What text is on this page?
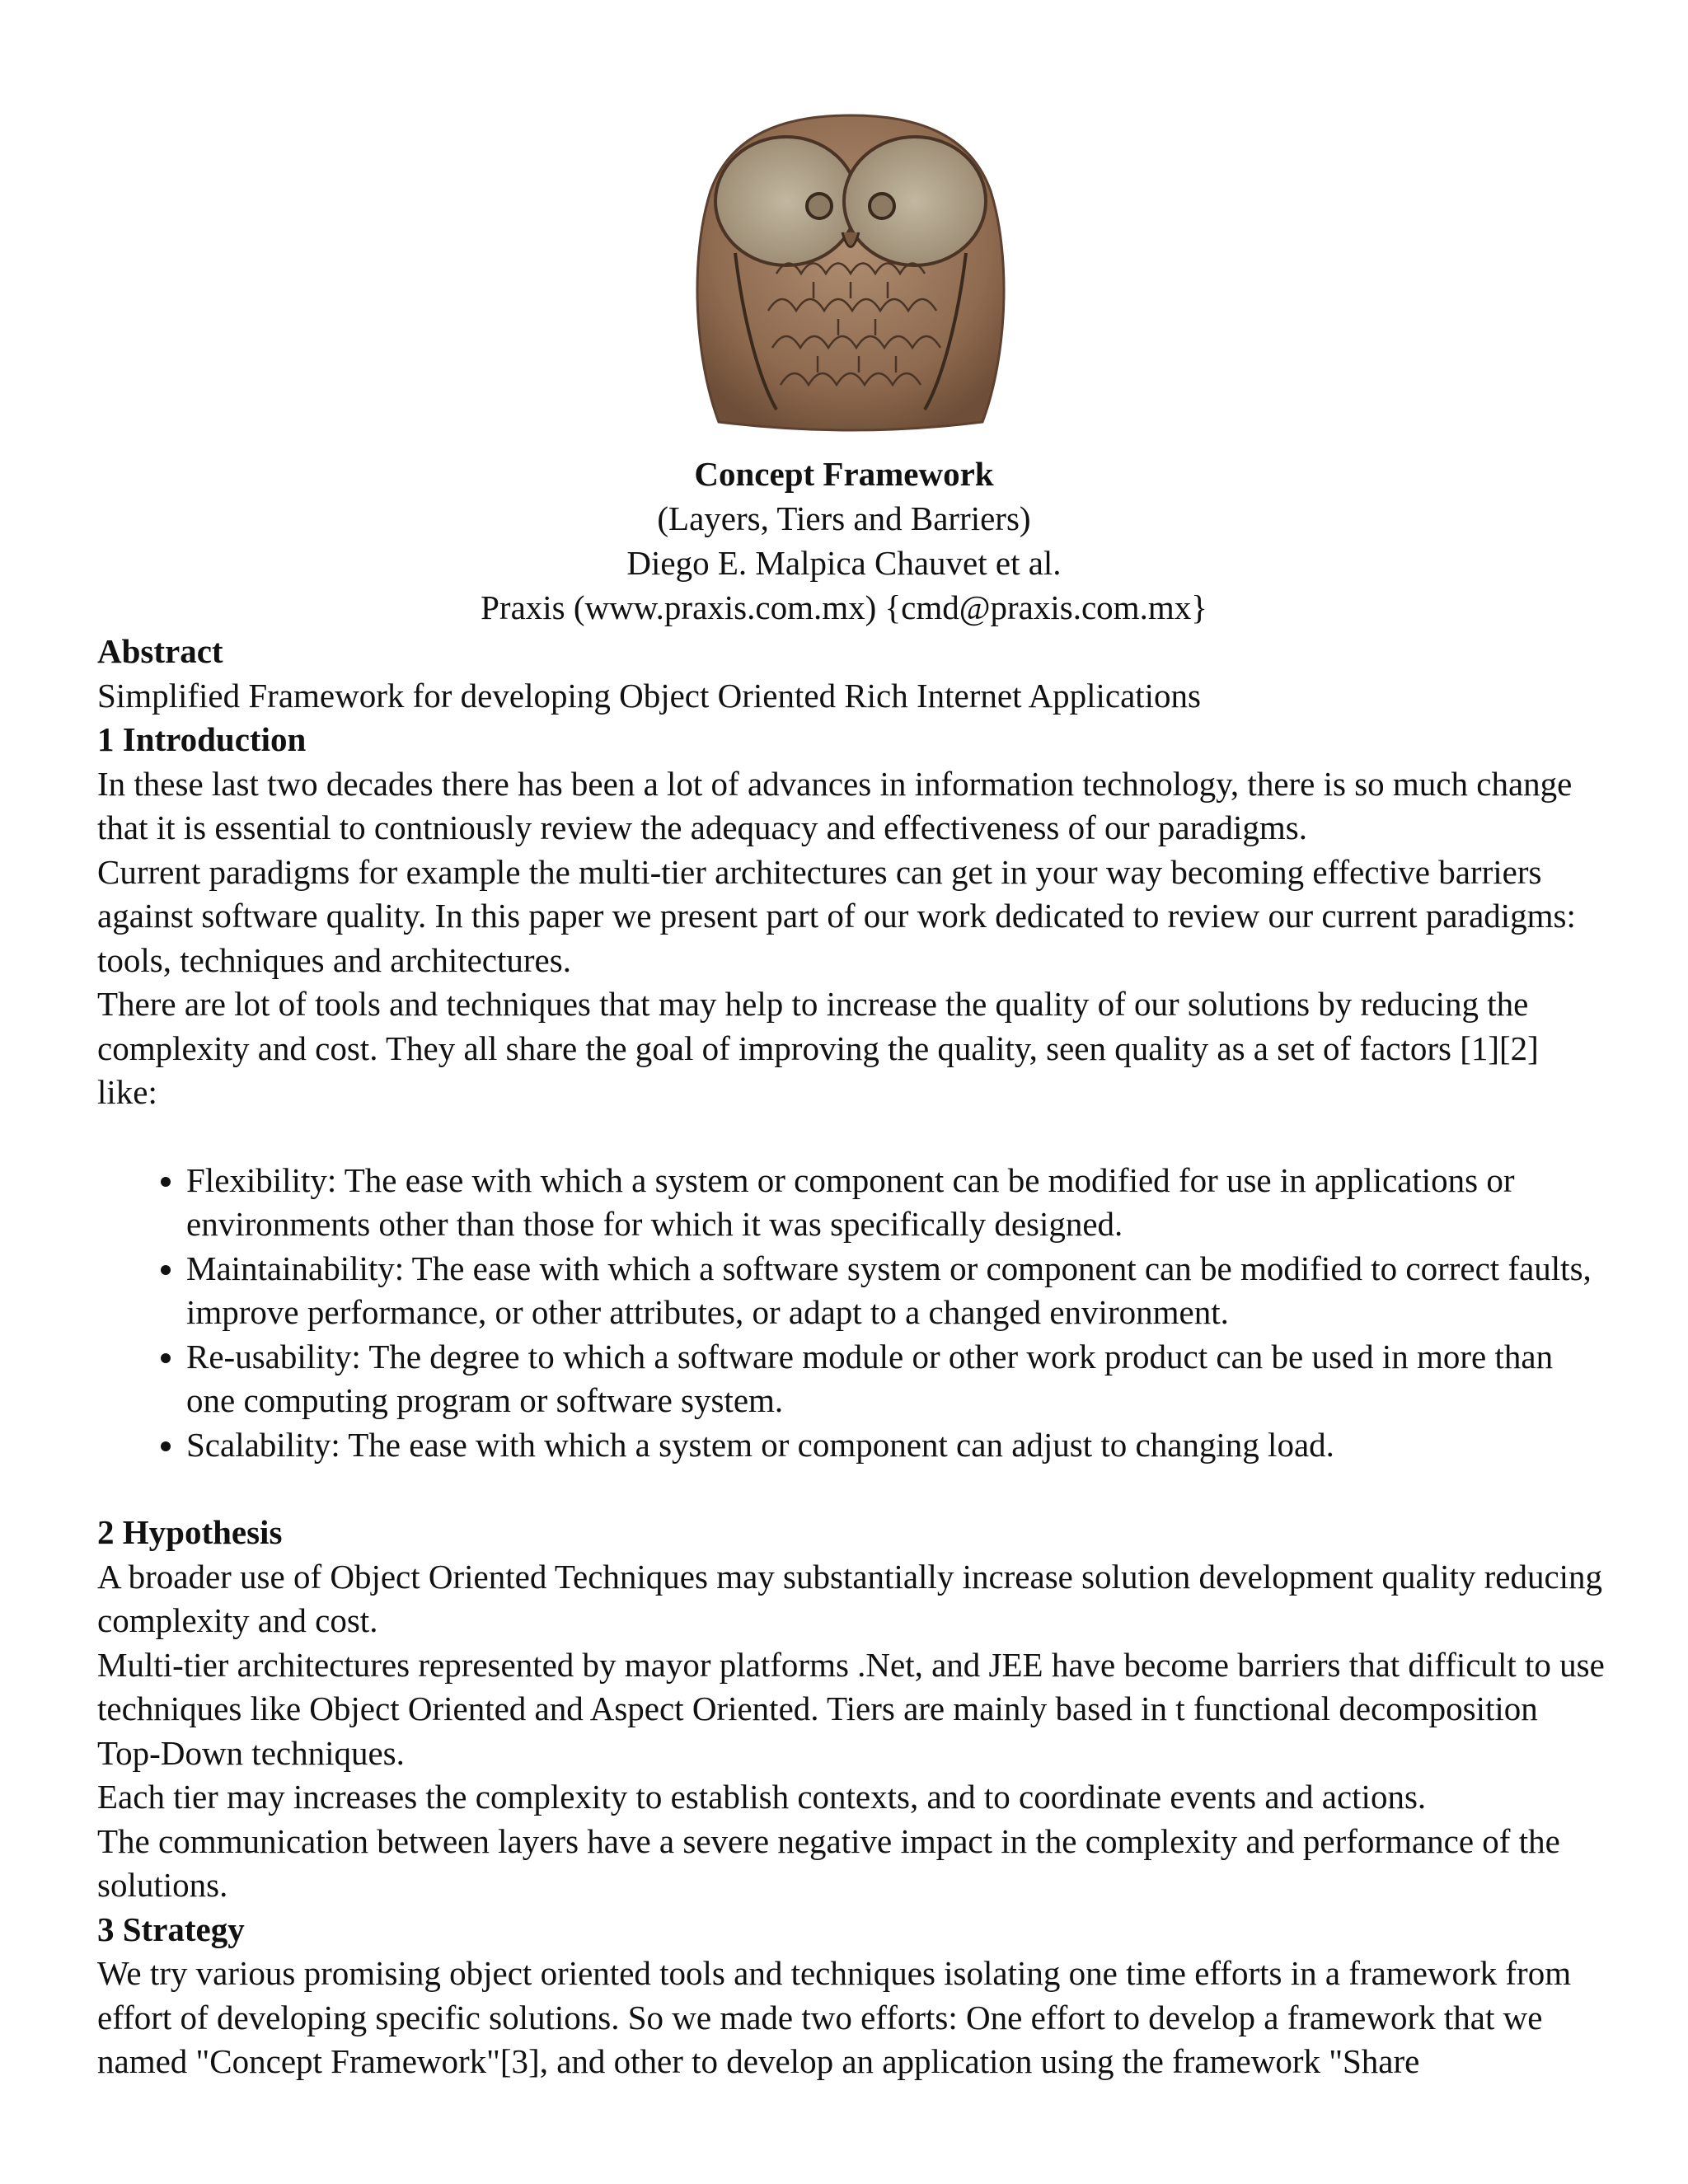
Concept Framework
(Layers, Tiers and Barriers)
Diego E. Malpica Chauvet et al.
Praxis (www.praxis.com.mx) {cmd@praxis.com.mx}
Abstract

Simplified Framework for developing Object Oriented Rich Internet Applications

1 Introduction

In these last two decades there has been a lot of advances in information technology, there is so much change that it is essential to contniously review the adequacy and effectiveness of our paradigms.

Current paradigms for example the multi-tier architectures can get in your way becoming effective barriers against software quality. In this paper we present part of our work dedicated to review our current paradigms: tools, techniques and architectures.

There are lot of tools and techniques that may help to increase the quality of our solutions by reducing the complexity and cost. They all share the goal of improving the quality, seen quality as a set of factors [1][2] like:

• Flexibility: The ease with which a system or component can be modified for use in applications or environments other than those for which it was specifically designed.
• Maintainability: The ease with which a software system or component can be modified to correct faults, improve performance, or other attributes, or adapt to a changed environment.
• Re-usability: The degree to which a software module or other work product can be used in more than one computing program or software system.
• Scalability: The ease with which a system or component can adjust to changing load.
2 Hypothesis

A broader use of Object Oriented Techniques may substantially increase solution development quality reducing complexity and cost.

Multi-tier architectures represented by mayor platforms .Net, and JEE have become barriers that difficult to use techniques like Object Oriented and Aspect Oriented. Tiers are mainly based in t functional decomposition Top-Down techniques.

Each tier may increases the complexity to establish contexts, and to coordinate events and actions.

The communication between layers have a severe negative impact in the complexity and performance of the solutions.

3 Strategy

We try various promising object oriented tools and techniques isolating one time efforts in a framework from effort of developing specific solutions. So we made two efforts: One effort to develop a framework that we named "Concept Framework"[3], and other to develop an application using the framework "Share
